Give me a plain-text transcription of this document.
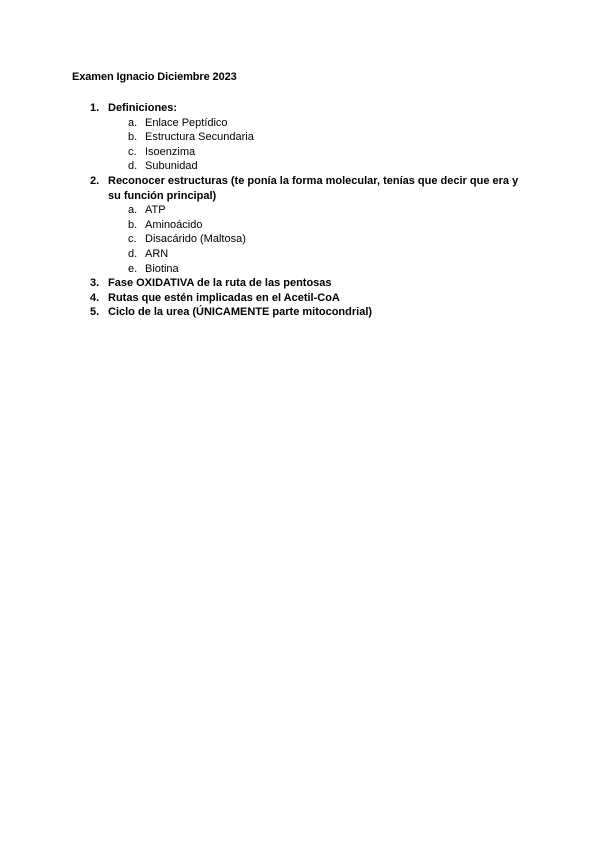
Examen Ignacio Diciembre 2023
1. Definiciones:
a. Enlace Peptídico
b. Estructura Secundaria
c. Isoenzima
d. Subunidad
2. Reconocer estructuras (te ponía la forma molecular, tenías que decir que era y su función principal)
a. ATP
b. Aminoácido
c. Disacárido (Maltosa)
d. ARN
e. Biotina
3. Fase OXIDATIVA de la ruta de las pentosas
4. Rutas que estén implicadas en el Acetil-CoA
5. Ciclo de la urea (ÚNICAMENTE parte mitocondrial)
